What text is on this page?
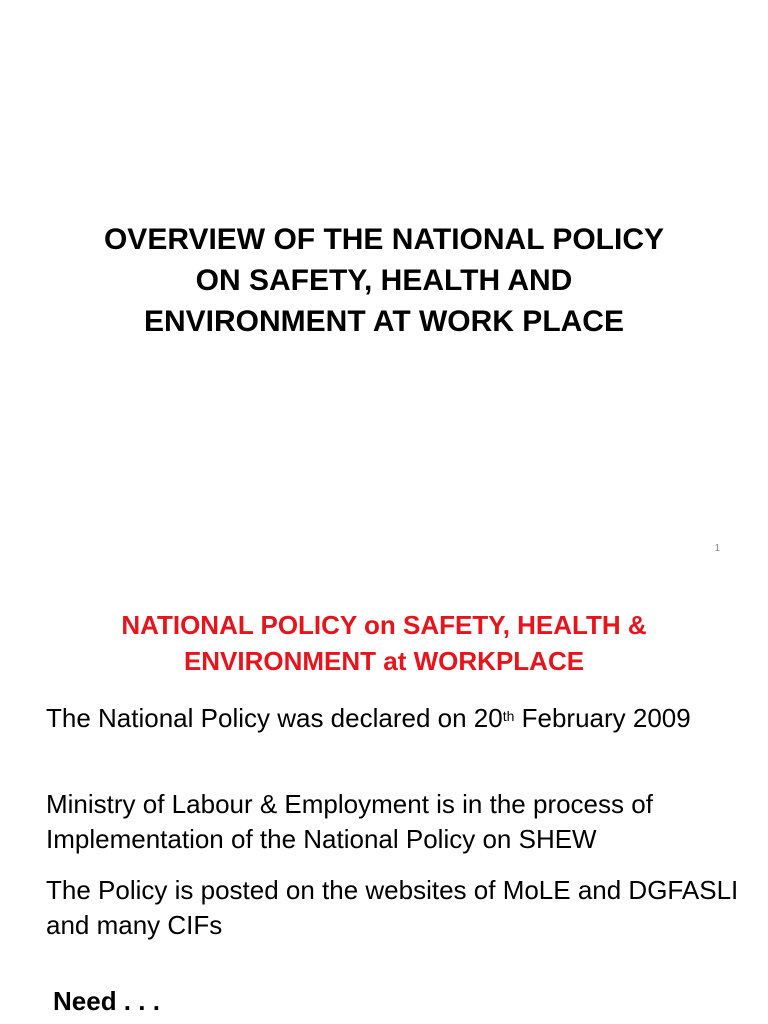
OVERVIEW OF THE NATIONAL POLICY
ON SAFETY, HEALTH AND
ENVIRONMENT AT WORK PLACE
1
NATIONAL POLICY on SAFETY, HEALTH &
ENVIRONMENT at WORKPLACE

The National Policy was declared on 20th February 2009

Ministry of Labour & Employment is in the process of Implementation of the National Policy on SHEW

The Policy is posted on the websites of MoLE and DGFASLI and many CIFs

Need . . .
